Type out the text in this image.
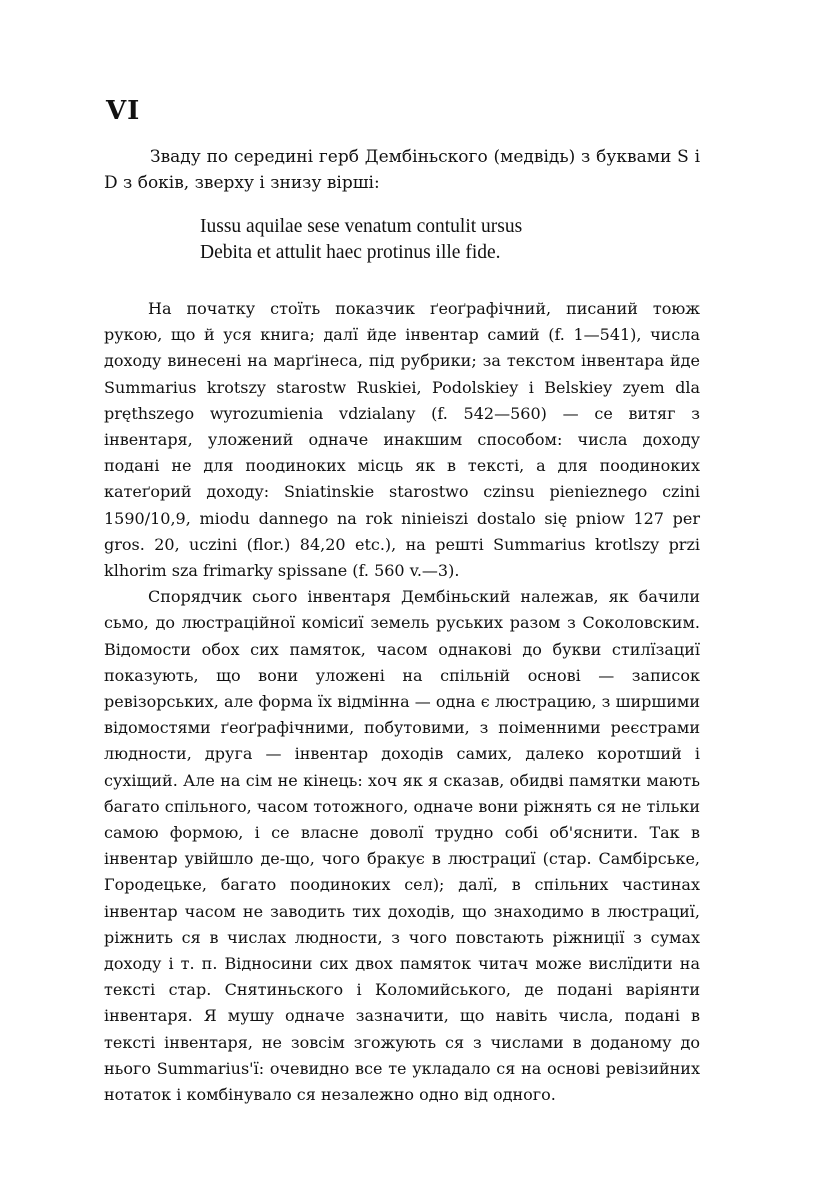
VI

Зваду по середині герб Дембіньского (медвідь) з буквами S i D з боків, зверху і знизу вірші:

Iussu aquilae sese venatum contulit ursus
Debita et attulit haec protinus ille fide.

На початку стоїть показчик ґеоґрафічний, писаний тоюж рукою, що й уся книга; далї йде інвентар самий (f. 1—541), числа доходу винесені на марґінеса, під рубрики; за текстом інвентара йде Summarius krotszy starostw Ruskiei, Podolskiey i Belskiey zyem dla pręthszego wyrozumienia vdzialany (f. 542—560) — се витяг з інвентаря, уложений одначе инакшим способом: числа доходу подані не для поодиноких місць як в тексті, а для поодиноких катеґорий доходу: Sniatinskie starostwo czinsu pienieznego czini 1590/10,9, miodu dannego na rok ninieiszi dostalo się pniow 127 per gros. 20, uczini (flor.) 84,20 etc.), на решті Summarius krotlszy przi klhorim sza frimarky spissane (f. 560 v.—3).

Спорядчик сього інвентаря Дембіньский належав, як бачили сьмо, до люстраційної комісиї земель руських разом з Соколовским. Відомости обох сих памяток, часом однакові до букви стилїзациї показують, що вони уложені на спільній основі — записок ревізорських, але форма їх відмінна — одна є люстрацию, з ширшими відомостями ґеоґрафічними, побутовими, з поіменними реєстрами людности, друга — інвентар доходів самих, далеко коротший і сухіщий. Але на сім не кінець: хоч як я сказав, обидві памятки мають багато спільного, часом тотожного, одначе вони ріжнять ся не тільки самою формою, і се власне доволї трудно собі об'яснити. Так в інвентар увійшло де-що, чого бракує в люстрациї (стар. Самбірське, Городецьке, багато поодиноких сел); далї, в спільних частинах інвентар часом не заводить тих доходів, що знаходимо в люстрациї, ріжнить ся в числах людности, з чого повстають ріжниції з сумах доходу і т. п. Відносини сих двох памяток читач може вислїдити на тексті стар. Снятиньского і Коломийського, де подані варіянти інвентаря. Я мушу одначе зазначити, що навіть числа, подані в тексті інвентаря, не зовсім згожують ся з числами в доданому до нього Summarius'ї: очевидно все те укладало ся на основі ревізийних нотаток і комбінувало ся незалежно одно від одного.
